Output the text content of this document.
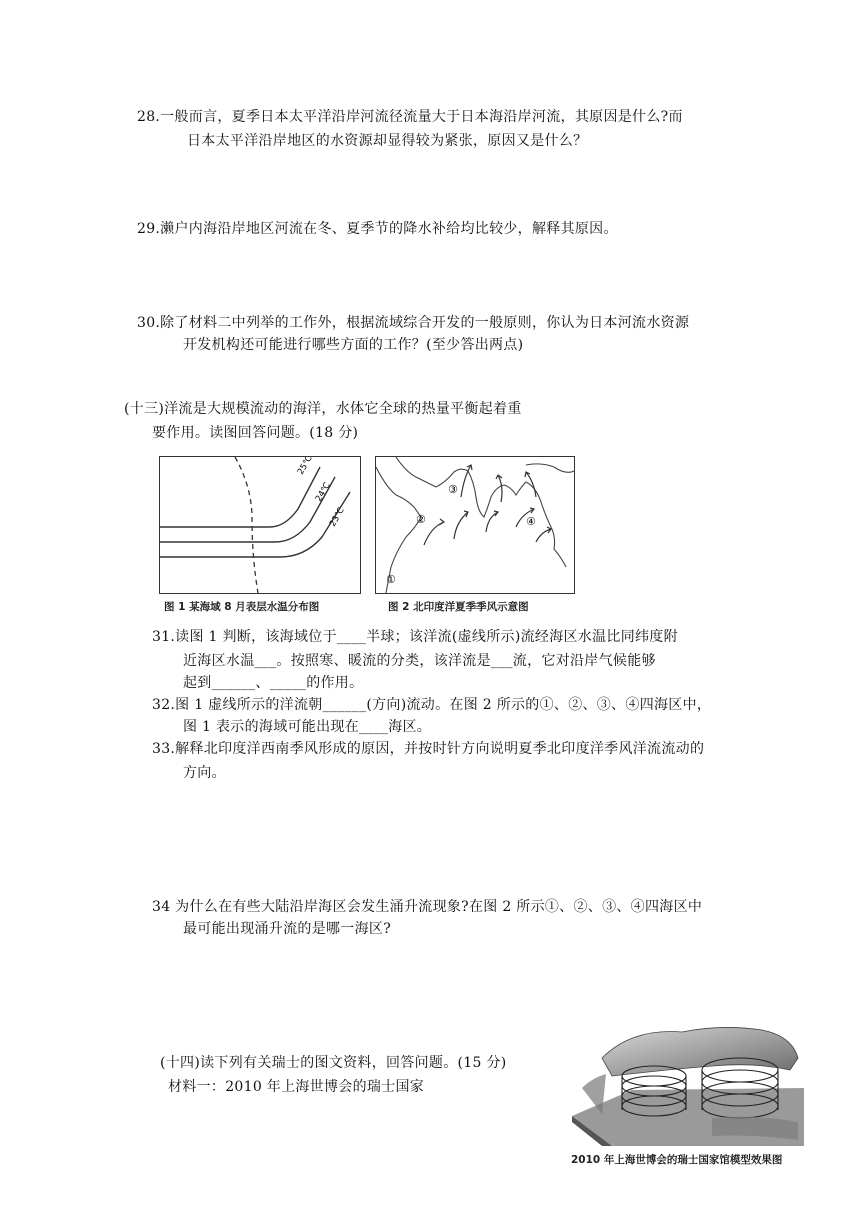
28.一般而言，夏季日本太平洋沿岸河流径流量大于日本海沿岸河流，其原因是什么?而
日本太平洋沿岸地区的水资源却显得较为紧张，原因又是什么？
29.濑户内海沿岸地区河流在冬、夏季节的降水补给均比较少，解释其原因。
30.除了材料二中列举的工作外，根据流域综合开发的一般原则，你认为日本河流水资源
开发机构还可能进行哪些方面的工作？(至少答出两点)
(十三)洋流是大规模流动的海洋，水体它全球的热量平衡起着重
要作用。读图回答问题。(18 分)
25℃
24℃
23℃
图 1 某海域 8 月表层水温分布图
①
②
③
④
图 2 北印度洋夏季季风示意图
31.读图 1 判断，该海域位于____半球；该洋流(虚线所示)流经海区水温比同纬度附
近海区水温___。按照寒、暖流的分类，该洋流是___流，它对沿岸气候能够
起到______、_____的作用。
32.图 1 虚线所示的洋流朝______(方向)流动。在图 2 所示的①、②、③、④四海区中，
图 1 表示的海域可能出现在____海区。
33.解释北印度洋西南季风形成的原因，并按时针方向说明夏季北印度洋季风洋流流动的
方向。
34 为什么在有些大陆沿岸海区会发生涌升流现象?在图 2 所示①、②、③、④四海区中
最可能出现涌升流的是哪一海区?
(十四)读下列有关瑞士的图文资料，回答问题。(15 分)
材料一：2010 年上海世博会的瑞士国家
2010 年上海世博会的瑞士国家馆模型效果图
